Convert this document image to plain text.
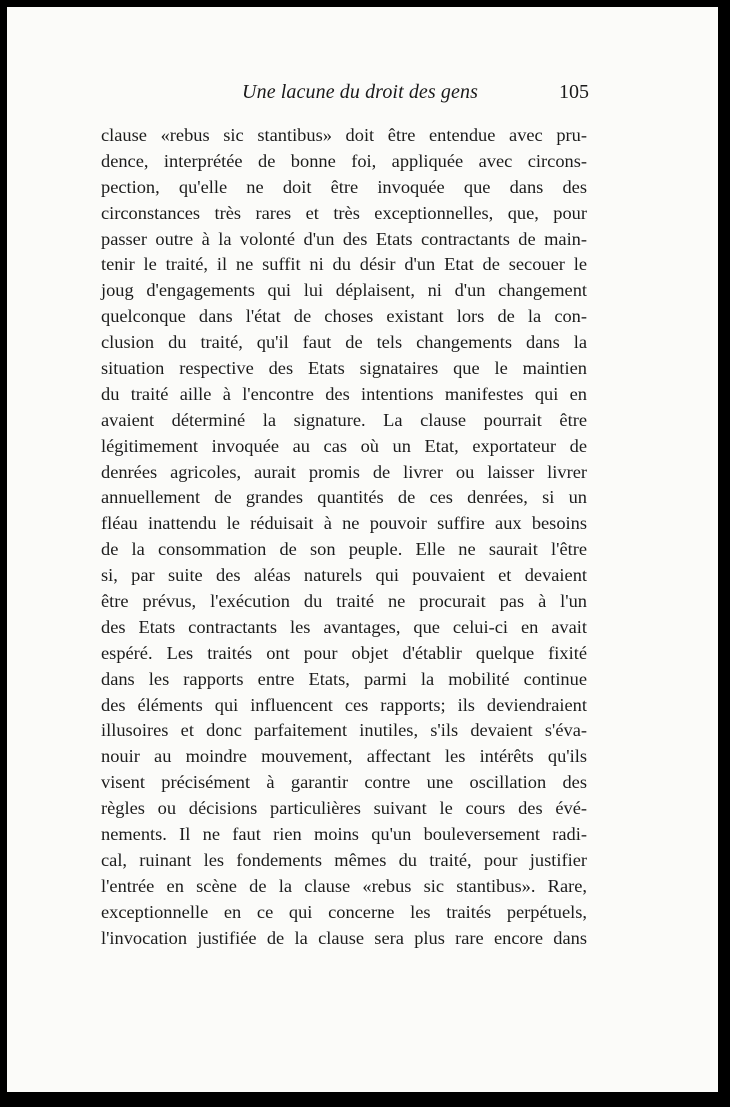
Une lacune du droit des gens	105
clause «rebus sic stantibus» doit être entendue avec pru-
dence, interprétée de bonne foi, appliquée avec circons-
pection, qu'elle ne doit être invoquée que dans des
circonstances très rares et très exceptionnelles, que, pour
passer outre à la volonté d'un des Etats contractants de main-
tenir le traité, il ne suffit ni du désir d'un Etat de secouer le
joug d'engagements qui lui déplaisent, ni d'un changement
quelconque dans l'état de choses existant lors de la con-
clusion du traité, qu'il faut de tels changements dans la
situation respective des Etats signataires que le maintien
du traité aille à l'encontre des intentions manifestes qui en
avaient déterminé la signature. La clause pourrait être
légitimement invoquée au cas où un Etat, exportateur de
denrées agricoles, aurait promis de livrer ou laisser livrer
annuellement de grandes quantités de ces denrées, si un
fléau inattendu le réduisait à ne pouvoir suffire aux besoins
de la consommation de son peuple. Elle ne saurait l'être
si, par suite des aléas naturels qui pouvaient et devaient
être prévus, l'exécution du traité ne procurait pas à l'un
des Etats contractants les avantages, que celui-ci en avait
espéré. Les traités ont pour objet d'établir quelque fixité
dans les rapports entre Etats, parmi la mobilité continue
des éléments qui influencent ces rapports; ils deviendraient
illusoires et donc parfaitement inutiles, s'ils devaient s'éva-
nouir au moindre mouvement, affectant les intérêts qu'ils
visent précisément à garantir contre une oscillation des
règles ou décisions particulières suivant le cours des évé-
nements. Il ne faut rien moins qu'un bouleversement radi-
cal, ruinant les fondements mêmes du traité, pour justifier
l'entrée en scène de la clause «rebus sic stantibus». Rare,
exceptionnelle en ce qui concerne les traités perpétuels,
l'invocation justifiée de la clause sera plus rare encore dans
